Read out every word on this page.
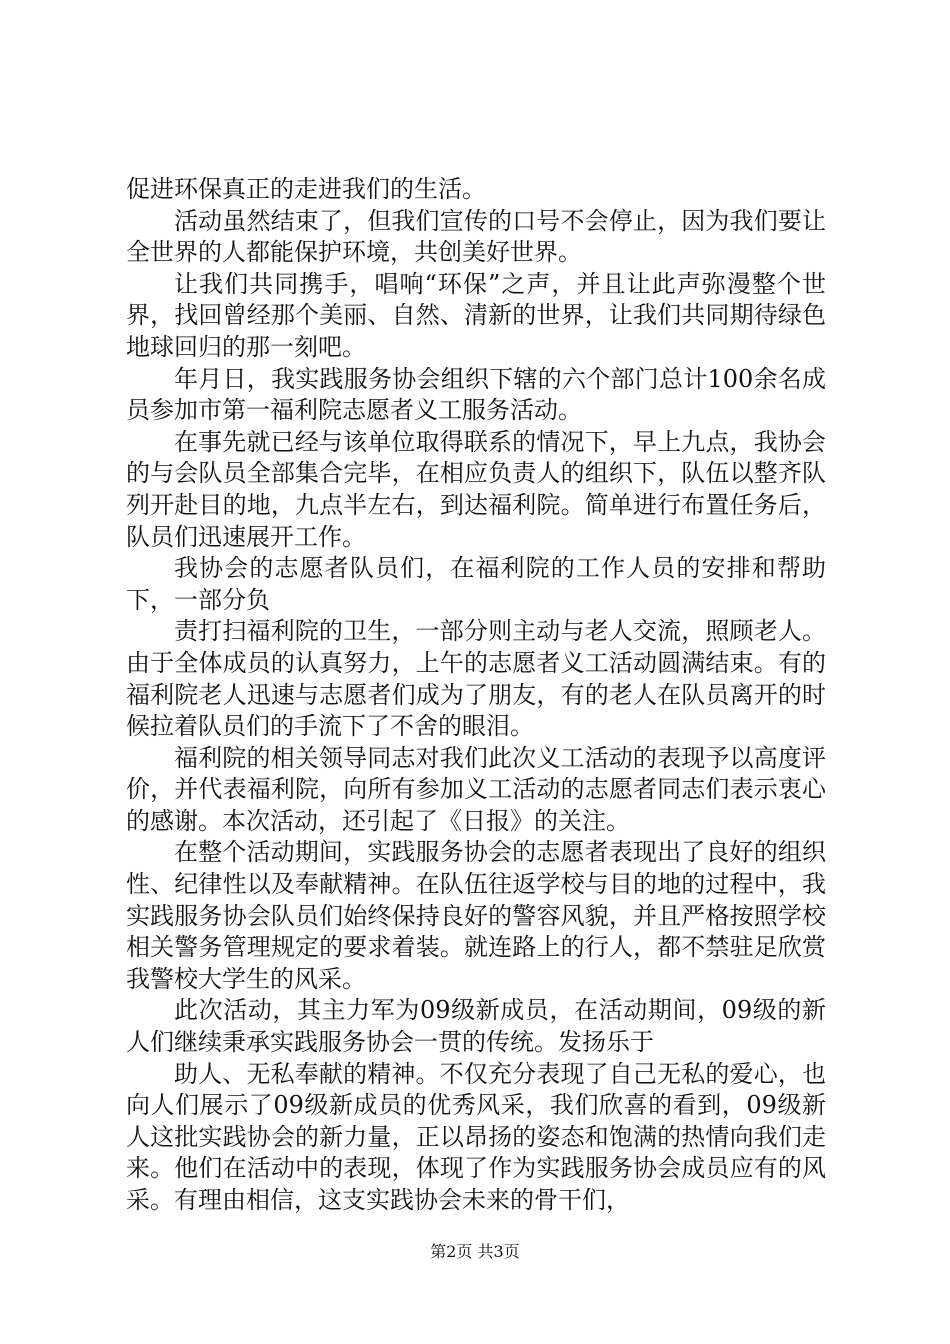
促进环保真正的走进我们的生活。

活动虽然结束了，但我们宣传的口号不会停止，因为我们要让全世界的人都能保护环境，共创美好世界。

让我们共同携手，唱响“环保”之声，并且让此声弥漫整个世界，找回曾经那个美丽、自然、清新的世界，让我们共同期待绿色地球回归的那一刻吧。

年月日，我实践服务协会组织下辖的六个部门总计100余名成员参加市第一福利院志愿者义工服务活动。

在事先就已经与该单位取得联系的情况下，早上九点，我协会的与会队员全部集合完毕，在相应负责人的组织下，队伍以整齐队列开赴目的地，九点半左右，到达福利院。简单进行布置任务后，队员们迅速展开工作。

我协会的志愿者队员们，在福利院的工作人员的安排和帮助下，一部分负

责打扫福利院的卫生，一部分则主动与老人交流，照顾老人。由于全体成员的认真努力，上午的志愿者义工活动圆满结束。有的福利院老人迅速与志愿者们成为了朋友，有的老人在队员离开的时候拉着队员们的手流下了不舍的眼泪。

福利院的相关领导同志对我们此次义工活动的表现予以高度评价，并代表福利院，向所有参加义工活动的志愿者同志们表示衷心的感谢。本次活动，还引起了《日报》的关注。

在整个活动期间，实践服务协会的志愿者表现出了良好的组织性、纪律性以及奉献精神。在队伍往返学校与目的地的过程中，我实践服务协会队员们始终保持良好的警容风貌，并且严格按照学校相关警务管理规定的要求着装。就连路上的行人，都不禁驻足欣赏我警校大学生的风采。

此次活动，其主力军为09级新成员，在活动期间，09级的新人们继续秉承实践服务协会一贯的传统。发扬乐于

助人、无私奉献的精神。不仅充分表现了自己无私的爱心，也向人们展示了09级新成员的优秀风采，我们欣喜的看到，09级新人这批实践协会的新力量，正以昂扬的姿态和饱满的热情向我们走来。他们在活动中的表现，体现了作为实践服务协会成员应有的风采。有理由相信，这支实践协会未来的骨干们，

第2页 共3页
